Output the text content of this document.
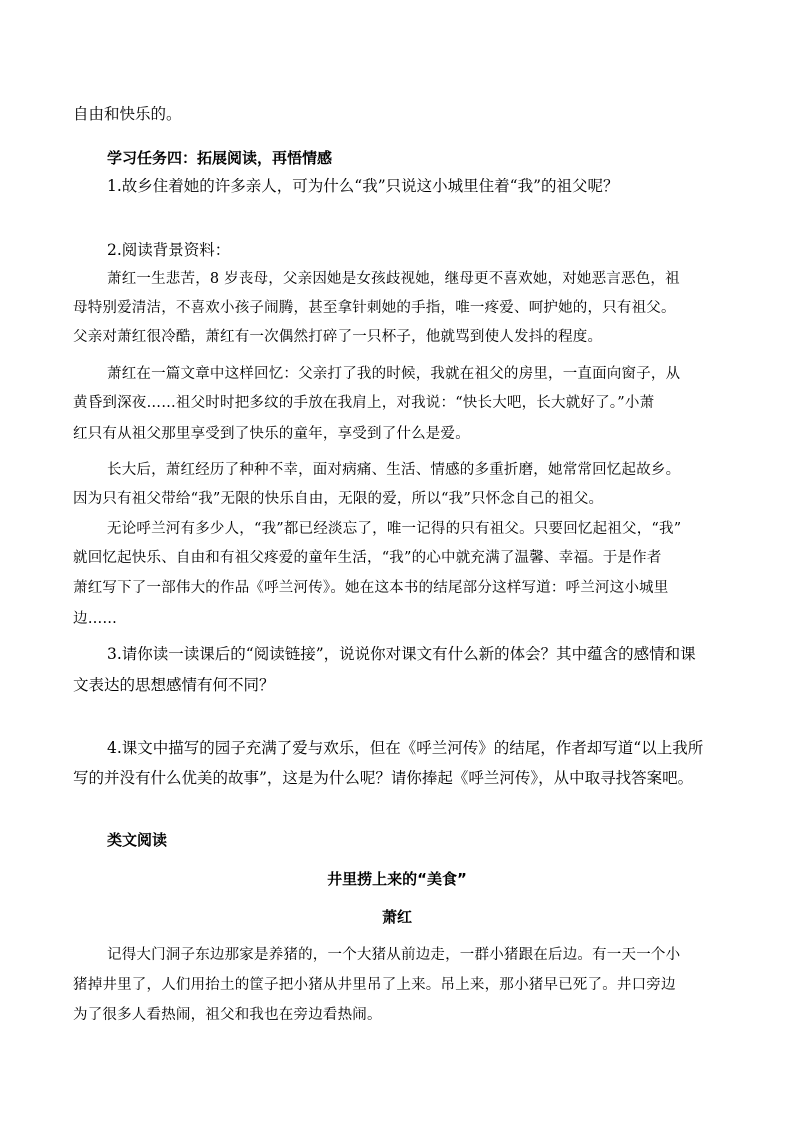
自由和快乐的。
学习任务四：拓展阅读，再悟情感
1.故乡住着她的许多亲人，可为什么“我”只说这小城里住着“我”的祖父呢？
2.阅读背景资料：
萧红一生悲苦，8 岁丧母，父亲因她是女孩歧视她，继母更不喜欢她，对她恶言恶色，祖
母特别爱清洁，不喜欢小孩子闹腾，甚至拿针刺她的手指，唯一疼爱、呵护她的，只有祖父。
父亲对萧红很冷酷，萧红有一次偶然打碎了一只杯子，他就骂到使人发抖的程度。
萧红在一篇文章中这样回忆：父亲打了我的时候，我就在祖父的房里，一直面向窗子，从
黄昏到深夜……祖父时时把多纹的手放在我肩上，对我说：“快长大吧，长大就好了。”小萧
红只有从祖父那里享受到了快乐的童年，享受到了什么是爱。
长大后，萧红经历了种种不幸，面对病痛、生活、情感的多重折磨，她常常回忆起故乡。
因为只有祖父带给“我”无限的快乐自由，无限的爱，所以“我”只怀念自己的祖父。
无论呼兰河有多少人，“我”都已经淡忘了，唯一记得的只有祖父。只要回忆起祖父，“我”
就回忆起快乐、自由和有祖父疼爱的童年生活，“我”的心中就充满了温馨、幸福。于是作者
萧红写下了一部伟大的作品《呼兰河传》。她在这本书的结尾部分这样写道：呼兰河这小城里
边……
3.请你读一读课后的“阅读链接”，说说你对课文有什么新的体会？其中蕴含的感情和课
文表达的思想感情有何不同？
4.课文中描写的园子充满了爱与欢乐，但在《呼兰河传》的结尾，作者却写道“以上我所
写的并没有什么优美的故事”，这是为什么呢？请你捧起《呼兰河传》，从中取寻找答案吧。
类文阅读
井里捞上来的“美食”
萧红
记得大门洞子东边那家是养猪的，一个大猪从前边走，一群小猪跟在后边。有一天一个小
猪掉井里了，人们用抬土的筐子把小猪从井里吊了上来。吊上来，那小猪早已死了。井口旁边
为了很多人看热闹，祖父和我也在旁边看热闹。
